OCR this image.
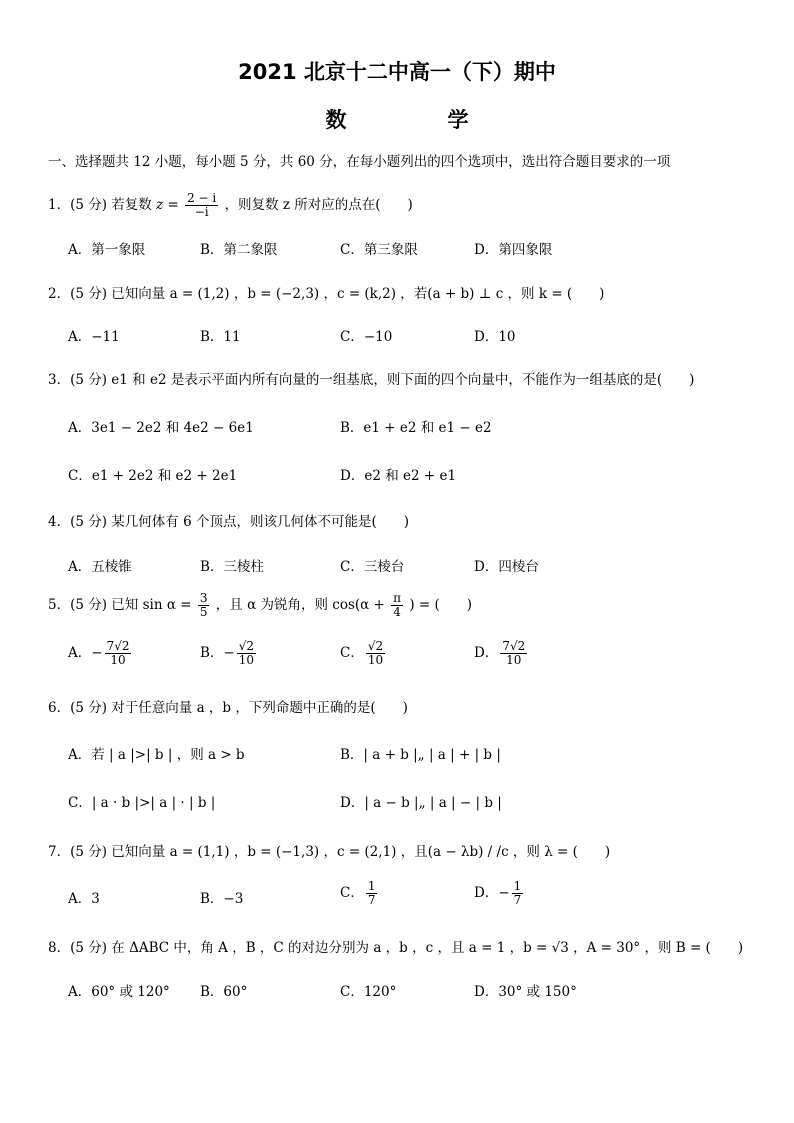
2021 北京十二中高一（下）期中
数　学
一、选择题共 12 小题，每小题 5 分，共 60 分，在每小题列出的四个选项中，选出符合题目要求的一项
1．(5 分) 若复数 $z = \frac{2 - i}{-i}$ ，则复数 z 所对应的点在(　　)
A．第一象限	B．第二象限	C．第三象限	D．第四象限
2．(5 分) 已知向量 a = (1,2) ，b = (−2,3) ，c = (k,2) ，若(a + b) ⊥ c ，则 k = (　　)
A．−11	B．11	C．−10	D．10
3．(5 分) e1 和 e2 是表示平面内所有向量的一组基底，则下面的四个向量中，不能作为一组基底的是(　　)
A．3e1 − 2e2 和 4e2 − 6e1	B．e1 + e2 和 e1 − e2
C．e1 + 2e2 和 e2 + 2e1	D．e2 和 e2 + e1
4．(5 分) 某几何体有 6 个顶点，则该几何体不可能是(　　)
A．五棱锥	B．三棱柱	C．三棱台	D．四棱台
5．(5 分) 已知 $\sin \alpha = \frac{3}{5}$ ，且 α 为锐角，则 $\cos(\alpha + \frac{\pi}{4}$ ) = (　　)
A．− $\frac{7√2}{10}$	B．− $\frac{√2}{10}$	C． $\frac{√2}{10}$	D． $\frac{7√2}{10}$
6．(5 分) 对于任意向量 a ，b ，下列命题中正确的是(　　)
A．若 | a |>| b | ，则 a > b	B．| a + b |„ | a | + | b |
C．| a · b |>| a | · | b |	D．| a − b |„ | a | − | b |
7．(5 分) 已知向量 a = (1,1) ，b = (−1,3) ，c = (2,1) ，且(a − λb) / /c ，则 λ = (　　)
A．3	B．−3	C． $\frac{1}{7}$	D．− $\frac{1}{7}$
8．(5 分) 在 ΔABC 中，角 A ，B ，C 的对边分别为 a ，b ，c ，且 a = 1 ，b = √3 ，A = 30° ，则 B = (　　)
A．60° 或 120° B．60°	C．120°	D．30° 或 150°
